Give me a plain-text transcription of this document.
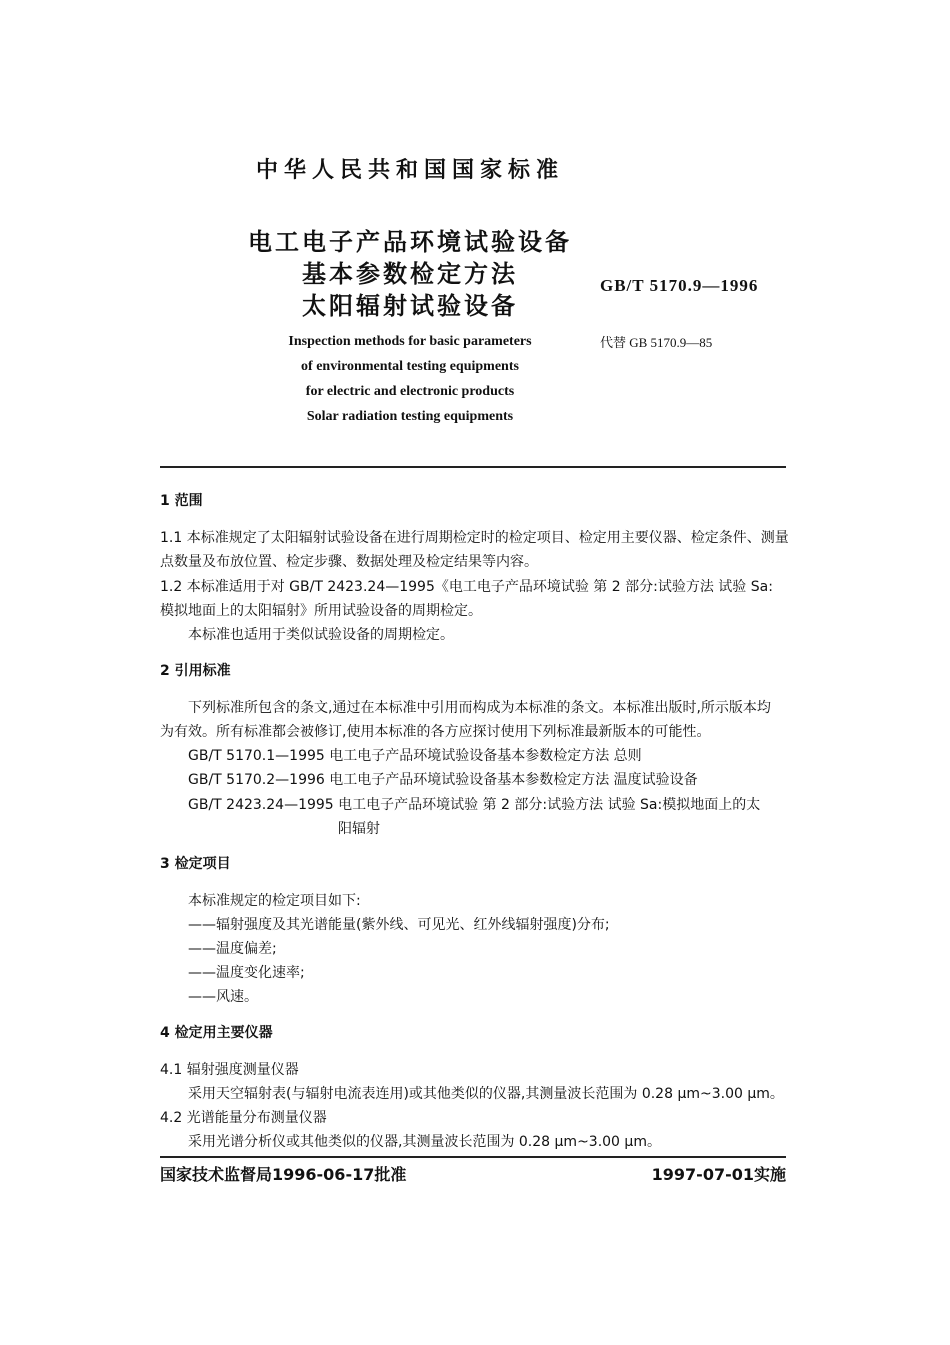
中华人民共和国国家标准
电工电子产品环境试验设备
基本参数检定方法
太阳辐射试验设备
GB/T 5170.9—1996
代替 GB 5170.9—85
Inspection methods for basic parameters
of environmental testing equipments
for electric and electronic products
Solar radiation testing equipments
1 范围
1.1 本标准规定了太阳辐射试验设备在进行周期检定时的检定项目、检定用主要仪器、检定条件、测量
点数量及布放位置、检定步骤、数据处理及检定结果等内容。
1.2 本标准适用于对 GB/T 2423.24—1995《电工电子产品环境试验 第 2 部分:试验方法 试验 Sa:
模拟地面上的太阳辐射》所用试验设备的周期检定。
本标准也适用于类似试验设备的周期检定。
2 引用标准
下列标准所包含的条文,通过在本标准中引用而构成为本标准的条文。本标准出版时,所示版本均
为有效。所有标准都会被修订,使用本标准的各方应探讨使用下列标准最新版本的可能性。
GB/T 5170.1—1995 电工电子产品环境试验设备基本参数检定方法 总则
GB/T 5170.2—1996 电工电子产品环境试验设备基本参数检定方法 温度试验设备
GB/T 2423.24—1995 电工电子产品环境试验 第 2 部分:试验方法 试验 Sa:模拟地面上的太
阳辐射
3 检定项目
本标准规定的检定项目如下:
——辐射强度及其光谱能量(紫外线、可见光、红外线辐射强度)分布;
——温度偏差;
——温度变化速率;
——风速。
4 检定用主要仪器
4.1 辐射强度测量仪器
采用天空辐射表(与辐射电流表连用)或其他类似的仪器,其测量波长范围为 0.28 μm~3.00 μm。
4.2 光谱能量分布测量仪器
采用光谱分析仪或其他类似的仪器,其测量波长范围为 0.28 μm~3.00 μm。
国家技术监督局1996-06-17批准	1997-07-01实施
